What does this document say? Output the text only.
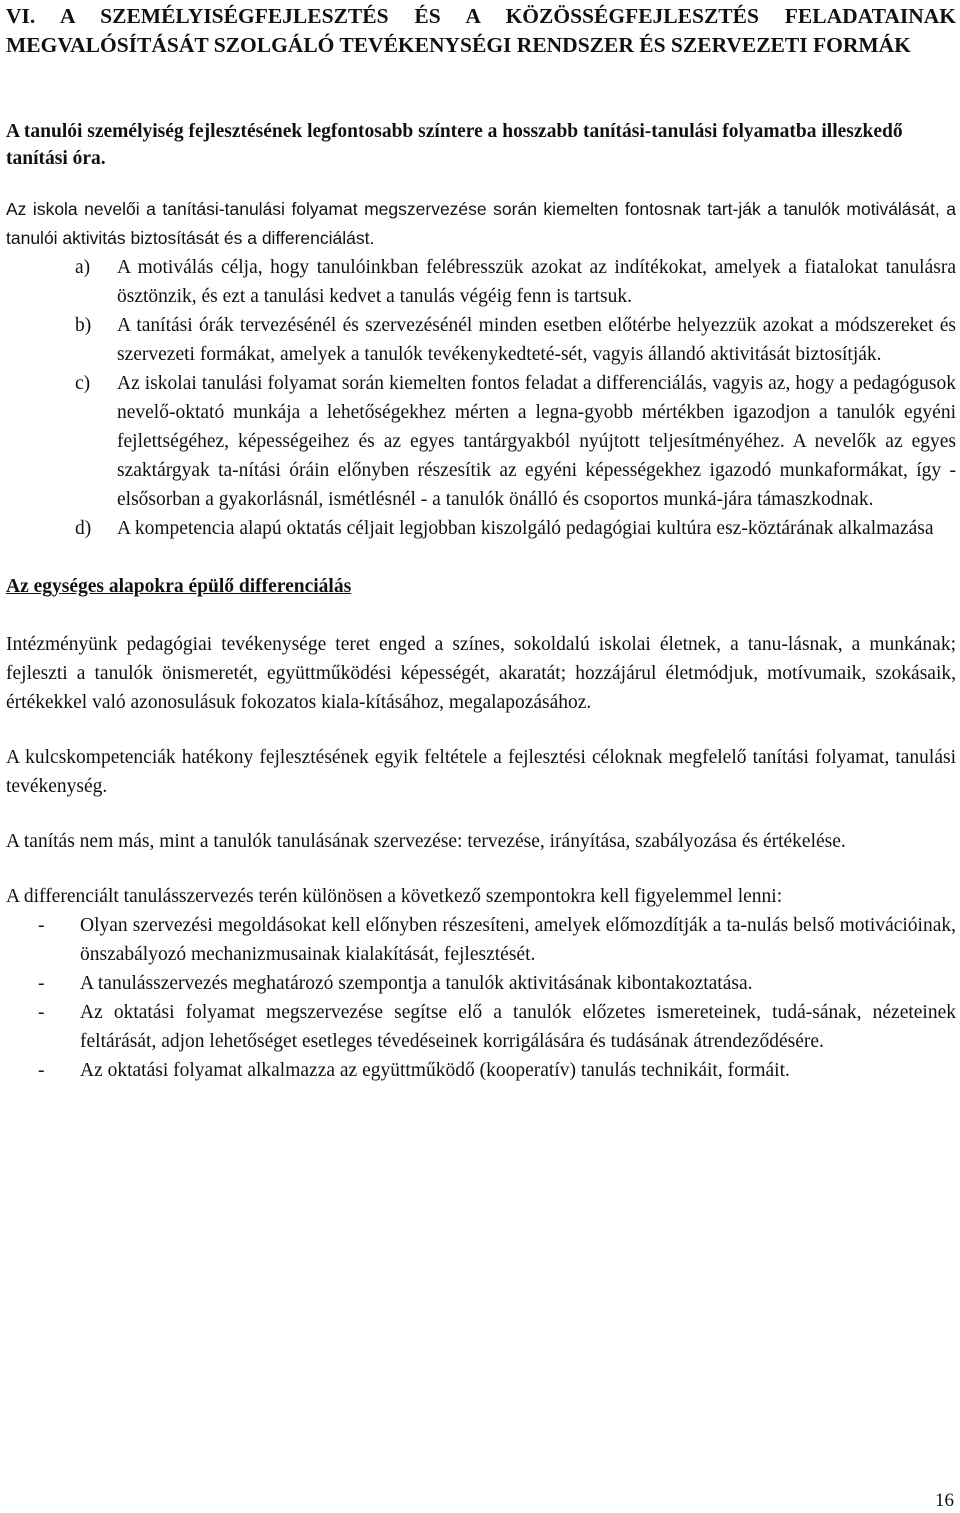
VI. A SZEMÉLYISÉGFEJLESZTÉS ÉS A KÖZÖSSÉGFEJLESZTÉS FELADATAINAK MEGVALÓSÍTÁSÁT SZOLGÁLÓ TEVÉKENYSÉGI RENDSZER ÉS SZERVEZETI FORMÁK

A tanulói személyiség fejlesztésének legfontosabb színtere a hosszabb tanítási-tanulási folyamatba illeszkedő tanítási óra.

Az iskola nevelői a tanítási-tanulási folyamat megszervezése során kiemelten fontosnak tart-ják a tanulók motiválását, a tanulói aktivitás biztosítását és a differenciálást.

a) A motiválás célja, hogy tanulóinkban felébresszük azokat az indítékokat, amelyek a fiatalokat tanulásra ösztönzik, és ezt a tanulási kedvet a tanulás végéig fenn is tartsuk.
b) A tanítási órák tervezésénél és szervezésénél minden esetben előtérbe helyezzük azokat a módszereket és szervezeti formákat, amelyek a tanulók tevékenykedteté-sét, vagyis állandó aktivitását biztosítják.
c) Az iskolai tanulási folyamat során kiemelten fontos feladat a differenciálás, vagyis az, hogy a pedagógusok nevelő-oktató munkája a lehetőségekhez mérten a legna-gyobb mértékben igazodjon a tanulók egyéni fejlettségéhez, képességeihez és az egyes tantárgyakból nyújtott teljesítményéhez. A nevelők az egyes szaktárgyak ta-nítási óráin előnyben részesítik az egyéni képességekhez igazodó munkaformákat, így - elsősorban a gyakorlásnál, ismétlésnél - a tanulók önálló és csoportos munká-jára támaszkodnak.
d) A kompetencia alapú oktatás céljait legjobban kiszolgáló pedagógiai kultúra esz-köztárának alkalmazása

Az egységes alapokra épülő differenciálás

Intézményünk pedagógiai tevékenysége teret enged a színes, sokoldalú iskolai életnek, a tanu-lásnak, a munkának; fejleszti a tanulók önismeretét, együttműködési képességét, akaratát; hozzájárul életmódjuk, motívumaik, szokásaik, értékekkel való azonosulásuk fokozatos kiala-kításához, megalapozásához.

A kulcskompetenciák hatékony fejlesztésének egyik feltétele a fejlesztési céloknak megfelelő tanítási folyamat, tanulási tevékenység.

A tanítás nem más, mint a tanulók tanulásának szervezése: tervezése, irányítása, szabályozása és értékelése.

A differenciált tanulásszervezés terén különösen a következő szempontokra kell figyelemmel lenni:

- Olyan szervezési megoldásokat kell előnyben részesíteni, amelyek előmozdítják a ta-nulás belső motivációinak, önszabályozó mechanizmusainak kialakítását, fejlesztését.
- A tanulásszervezés meghatározó szempontja a tanulók aktivitásának kibontakoztatása.
- Az oktatási folyamat megszervezése segítse elő a tanulók előzetes ismereteinek, tudá-sának, nézeteinek feltárását, adjon lehetőséget esetleges tévedéseinek korrigálására és tudásának átrendeződésére.
- Az oktatási folyamat alkalmazza az együttműködő (kooperatív) tanulás technikáit, formáit.
16
